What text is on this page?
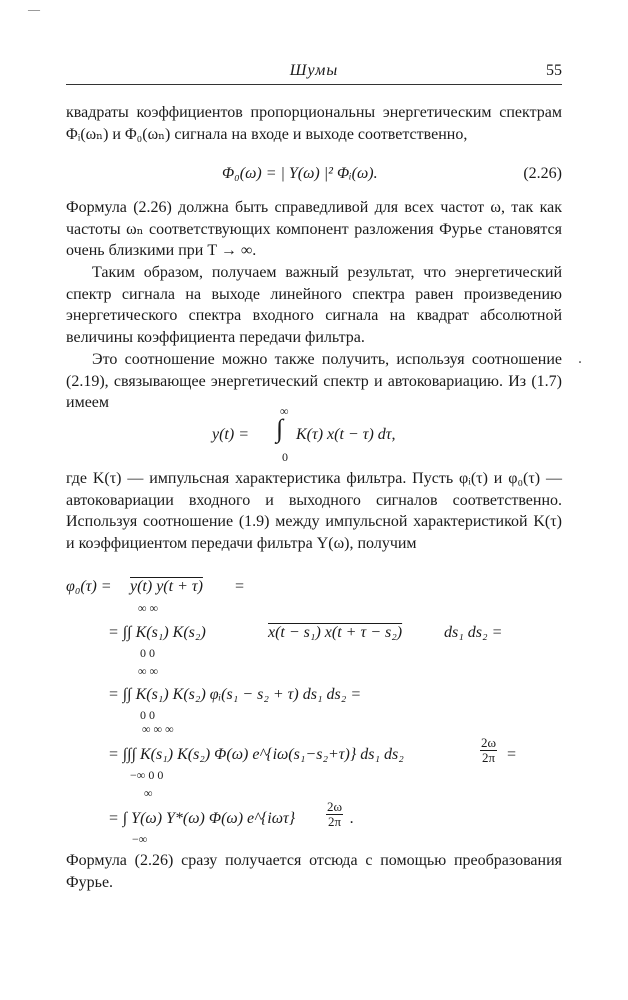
—
Шумы	55
квадраты коэффициентов пропорциональны энергетическим спектрам Φᵢ(ωₙ) и Φ₀(ωₙ) сигнала на входе и выходе соответственно,
Φ₀(ω) = | Y(ω) |² Φᵢ(ω).	(2.26)
Формула (2.26) должна быть справедливой для всех частот ω, так как частоты ωₙ соответствующих компонент разложения Фурье становятся очень близкими при T → ∞.
Таким образом, получаем важный результат, что энергетический спектр сигнала на выходе линейного спектра равен произведению энергетического спектра входного сигнала на квадрат абсолютной величины коэффициента передачи фильтра.
Это соотношение можно также получить, используя соотношение (2.19), связывающее энергетический спектр и автоковариацию. Из (1.7) имеем
.
y(t) =
∞
∫
0
K(τ) x(t − τ) dτ,
где K(τ) — импульсная характеристика фильтра. Пусть φᵢ(τ) и φ₀(τ) — автоковариации входного и выходного сигналов соответственно. Используя соотношение (1.9) между импульсной характеристикой K(τ) и коэффициентом передачи фильтра Y(ω), получим
φ₀(τ) = y(t) y(t + τ) =
∞ ∞
= ∫∫ K(s₁) K(s₂)
0 0
x(t − s₁) x(t + τ − s₂)	ds₁ ds₂ =
∞ ∞
= ∫∫ K(s₁) K(s₂) φᵢ(s₁ − s₂ + τ) ds₁ ds₂ =
0 0
∞ ∞ ∞
= ∫∫∫ K(s₁) K(s₂) Φ(ω) e^{iω(s₁−s₂+τ)} ds₁ ds₂
−∞ 0 0
$\frac{2\omega}{2\pi}$ =
∞
= ∫ Y(ω) Y*(ω) Φ(ω) e^{iωτ}
−∞
$\frac{2\omega}{2\pi}$ .
Формула (2.26) сразу получается отсюда с помощью преобразования Фурье.
